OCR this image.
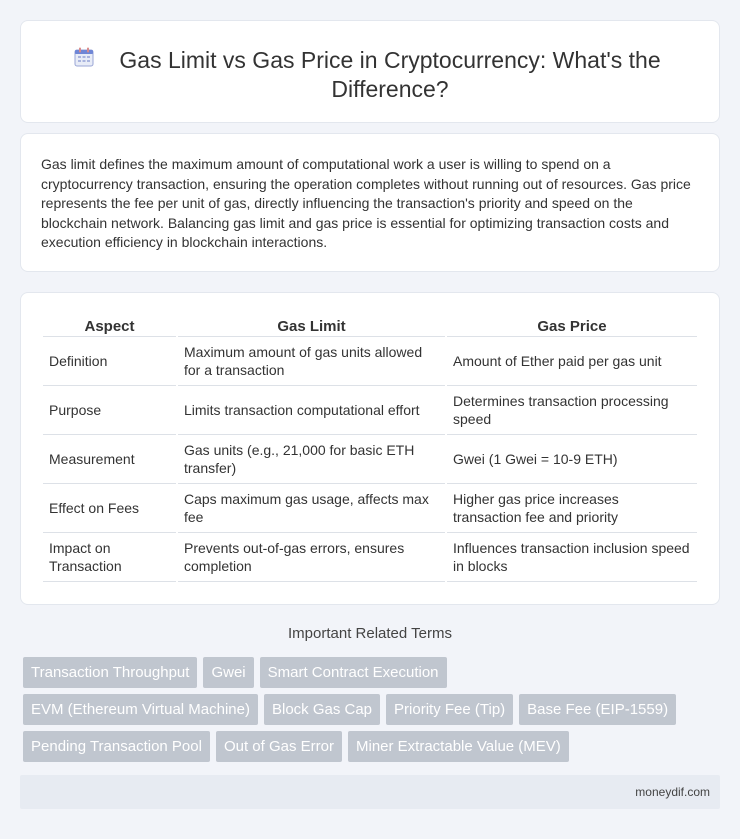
Gas Limit vs Gas Price in Cryptocurrency: What's the Difference?

Gas limit defines the maximum amount of computational work a user is willing to spend on a cryptocurrency transaction, ensuring the operation completes without running out of resources. Gas price represents the fee per unit of gas, directly influencing the transaction's priority and speed on the blockchain network. Balancing gas limit and gas price is essential for optimizing transaction costs and execution efficiency in blockchain interactions.

Aspect	Gas Limit	Gas Price
Definition	Maximum amount of gas units allowed for a transaction	Amount of Ether paid per gas unit
Purpose	Limits transaction computational effort	Determines transaction processing speed
Measurement	Gas units (e.g., 21,000 for basic ETH transfer)	Gwei (1 Gwei = 10-9 ETH)
Effect on Fees	Caps maximum gas usage, affects max fee	Higher gas price increases transaction fee and priority
Impact on Transaction	Prevents out-of-gas errors, ensures completion	Influences transaction inclusion speed in blocks
Important Related Terms
Transaction Throughput	Gwei	Smart Contract Execution
EVM (Ethereum Virtual Machine)	Block Gas Cap	Priority Fee (Tip)	Base Fee (EIP-1559)
Pending Transaction Pool	Out of Gas Error	Miner Extractable Value (MEV)
moneydif.com
